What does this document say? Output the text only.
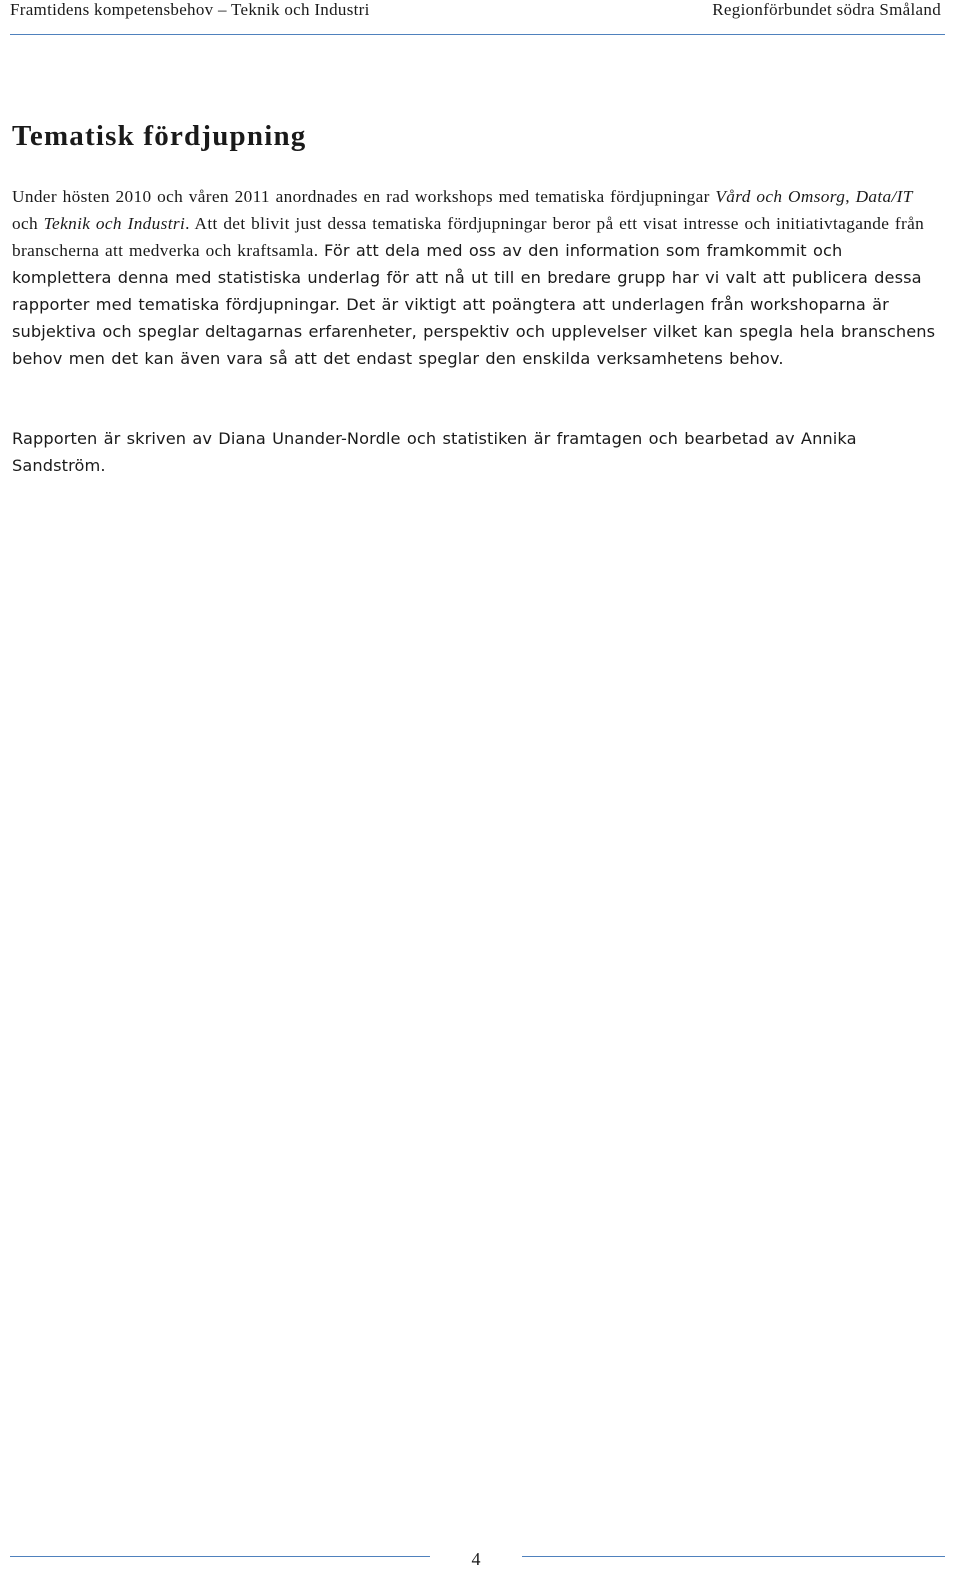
Framtidens kompetensbehov – Teknik och Industri	Regionförbundet södra Småland
Tematisk fördjupning

Under hösten 2010 och våren 2011 anordnades en rad workshops med tematiska fördjupningar Vård och Omsorg, Data/IT och Teknik och Industri. Att det blivit just dessa tematiska fördjupningar beror på ett visat intresse och initiativtagande från branscherna att medverka och kraftsamla. För att dela med oss av den information som framkommit och komplettera denna med statistiska underlag för att nå ut till en bredare grupp har vi valt att publicera dessa rapporter med tematiska fördjupningar. Det är viktigt att poängtera att underlagen från workshoparna är subjektiva och speglar deltagarnas erfarenheter, perspektiv och upplevelser vilket kan spegla hela branschens behov men det kan även vara så att det endast speglar den enskilda verksamhetens behov.

Rapporten är skriven av Diana Unander-Nordle och statistiken är framtagen och bearbetad av Annika Sandström.

4
